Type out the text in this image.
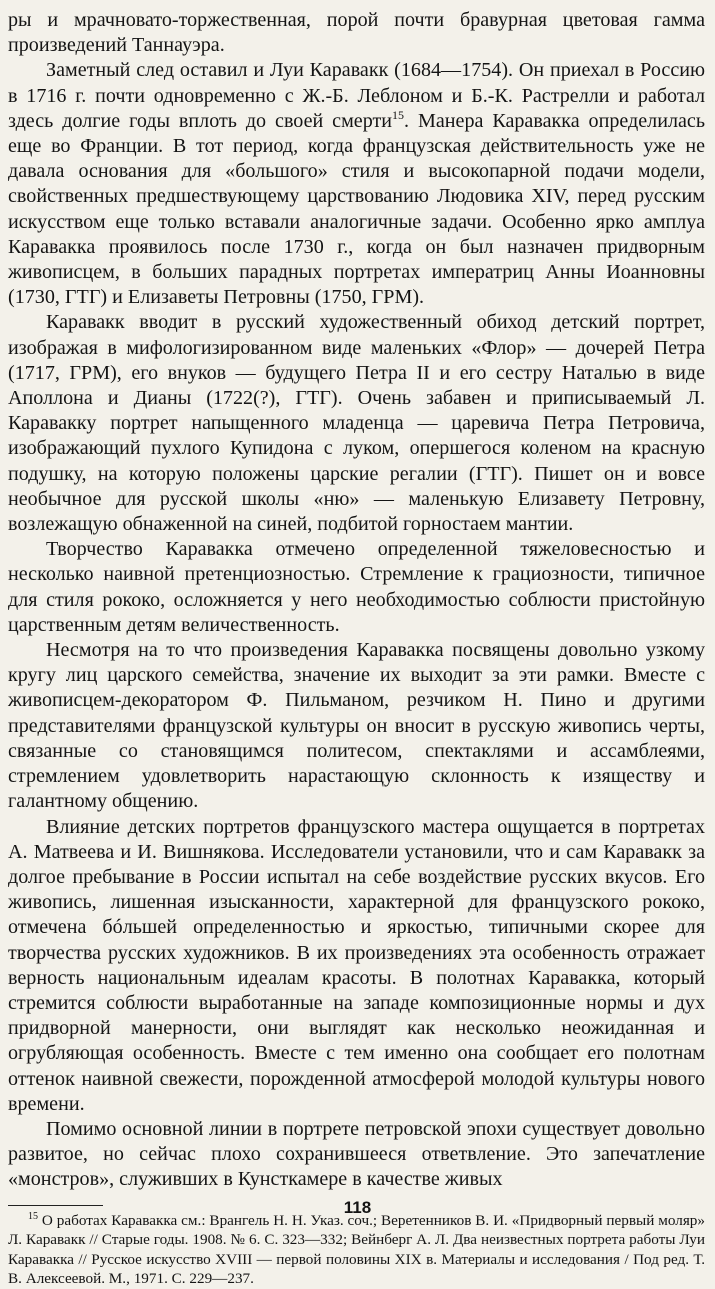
ры и мрачновато-торжественная, порой почти бравурная цветовая гамма произведений Таннауэра.

Заметный след оставил и Луи Каравакк (1684—1754). Он приехал в Россию в 1716 г. почти одновременно с Ж.-Б. Леблоном и Б.-К. Растрелли и работал здесь долгие годы вплоть до своей смерти$^{15}$. Манера Каравакка определилась еще во Франции. В тот период, когда французская действительность уже не давала основания для «большого» стиля и высокопарной подачи модели, свойственных предшествующему царствованию Людовика XIV, перед русским искусством еще только вставали аналогичные задачи. Особенно ярко амплуа Каравакка проявилось после 1730 г., когда он был назначен придворным живописцем, в больших парадных портретах императриц Анны Иоанновны (1730, ГТГ) и Елизаветы Петровны (1750, ГРМ).

Каравакк вводит в русский художественный обиход детский портрет, изображая в мифологизированном виде маленьких «Флор» — дочерей Петра (1717, ГРМ), его внуков — будущего Петра II и его сестру Наталью в виде Аполлона и Дианы (1722(?), ГТГ). Очень забавен и приписываемый Л. Каравакку портрет напыщенного младенца — царевича Петра Петровича, изображающий пухлого Купидона с луком, опершегося коленом на красную подушку, на которую положены царские регалии (ГТГ). Пишет он и вовсе необычное для русской школы «ню» — маленькую Елизавету Петровну, возлежащую обнаженной на синей, подбитой горностаем мантии.

Творчество Каравакка отмечено определенной тяжеловесностью и несколько наивной претенциозностью. Стремление к грациозности, типичное для стиля рококо, осложняется у него необходимостью соблюсти пристойную царственным детям величественность.

Несмотря на то что произведения Каравакка посвящены довольно узкому кругу лиц царского семейства, значение их выходит за эти рамки. Вместе с живописцем-декоратором Ф. Пильманом, резчиком Н. Пино и другими представителями французской культуры он вносит в русскую живопись черты, связанные со становящимся политесом, спектаклями и ассамблеями, стремлением удовлетворить нарастающую склонность к изяществу и галантному общению.

Влияние детских портретов французского мастера ощущается в портретах А. Матвеева и И. Вишнякова. Исследователи установили, что и сам Каравакк за долгое пребывание в России испытал на себе воздействие русских вкусов. Его живопись, лишенная изысканности, характерной для французского рококо, отмечена бóльшей определенностью и яркостью, типичными скорее для творчества русских художников. В их произведениях эта особенность отражает верность национальным идеалам красоты. В полотнах Каравакка, который стремится соблюсти выработанные на западе композиционные нормы и дух придворной манерности, они выглядят как несколько неожиданная и огрубляющая особенность. Вместе с тем именно она сообщает его полотнам оттенок наивной свежести, порожденной атмосферой молодой культуры нового времени.

Помимо основной линии в портрете петровской эпохи существует довольно развитое, но сейчас плохо сохранившееся ответвление. Это запечатление «монстров», служивших в Кунсткамере в качестве живых

$^{15}$ О работах Каравакка см.: Врангель Н. Н. Указ. соч.; Веретенников В. И. «Придворный первый моляр» Л. Каравакк // Старые годы. 1908. № 6. С. 323—332; Вейнберг А. Л. Два неизвестных портрета работы Луи Каравакка // Русское искусство XVIII — первой половины XIX в. Материалы и исследования / Под ред. Т. В. Алексеевой. М., 1971. С. 229—237.

118
